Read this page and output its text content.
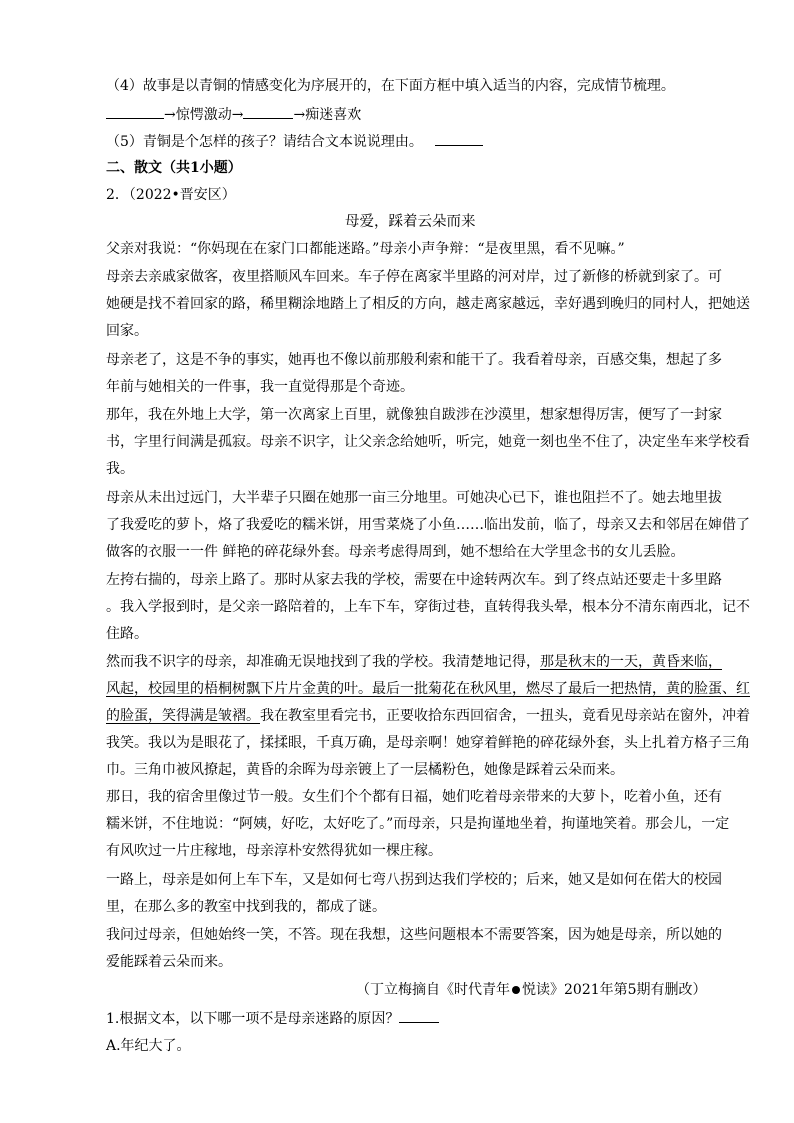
（4）故事是以青铜的情感变化为序展开的，在下面方框中填入适当的内容，完成情节梳理。
→惊愕激动→	→痴迷喜欢
（5）青铜是个怎样的孩子？请结合文本说说理由。
二、散文（共1小题）
2．（2022•晋安区）
母爱，踩着云朵而来
父亲对我说：“你妈现在在家门口都能迷路。”母亲小声争辩：“是夜里黑，看不见嘛。”
母亲去亲戚家做客，夜里搭顺风车回来。车子停在离家半里路的河对岸，过了新修的桥就到家了。可
她硬是找不着回家的路，稀里糊涂地踏上了相反的方向，越走离家越远，幸好遇到晚归的同村人，把她送
回家。
母亲老了，这是不争的事实，她再也不像以前那般利索和能干了。我看着母亲，百感交集，想起了多
年前与她相关的一件事，我一直觉得那是个奇迹。
那年，我在外地上大学，第一次离家上百里，就像独自跋涉在沙漠里，想家想得厉害，便写了一封家
书，字里行间满是孤寂。母亲不识字，让父亲念给她听，听完，她竟一刻也坐不住了，决定坐车来学校看
我。
母亲从未出过远门，大半辈子只圈在她那一亩三分地里。可她决心已下，谁也阻拦不了。她去地里拔
了我爱吃的萝卜，烙了我爱吃的糯米饼，用雪菜烧了小鱼……临出发前，临了，母亲又去和邻居在婶借了
做客的衣服一一件 鲜艳的碎花绿外套。母亲考虑得周到，她不想给在大学里念书的女儿丢脸。
左挎右揣的，母亲上路了。那时从家去我的学校，需要在中途转两次车。到了终点站还要走十多里路
。我入学报到时，是父亲一路陪着的，上车下车，穿街过巷，直转得我头晕，根本分不清东南西北，记不
住路。
然而我不识字的母亲，却准确无误地找到了我的学校。我清楚地记得，那是秋末的一天，黄昏来临，
风起，校园里的梧桐树飘下片片金黄的叶。最后一批菊花在秋风里，燃尽了最后一把热情，黄的脸蛋、红
的脸蛋，笑得满是皱褶。我在教室里看完书，正要收拾东西回宿舍，一扭头，竟看见母亲站在窗外，冲着
我笑。我以为是眼花了，揉揉眼，千真万确，是母亲啊！她穿着鲜艳的碎花绿外套，头上扎着方格子三角
巾。三角巾被风撩起，黄昏的余晖为母亲镀上了一层橘粉色，她像是踩着云朵而来。
那日，我的宿舍里像过节一般。女生们个个都有日福，她们吃着母亲带来的大萝卜，吃着小鱼，还有
糯米饼，不住地说：“阿姨，好吃，太好吃了。”而母亲，只是拘谨地坐着，拘谨地笑着。那会儿，一定
有风吹过一片庄稼地，母亲淳朴安然得犹如一棵庄稼。
一路上，母亲是如何上车下车，又是如何七弯八拐到达我们学校的；后来，她又是如何在偌大的校园
里，在那么多的教室中找到我的，都成了谜。
我问过母亲，但她始终一笑，不答。现在我想，这些问题根本不需要答案，因为她是母亲，所以她的
爱能踩着云朵而来。
（丁立梅摘自《时代青年 悦读》2021年第5期有删改）
1.根据文本，以下哪一项不是母亲迷路的原因？
A.年纪大了。
